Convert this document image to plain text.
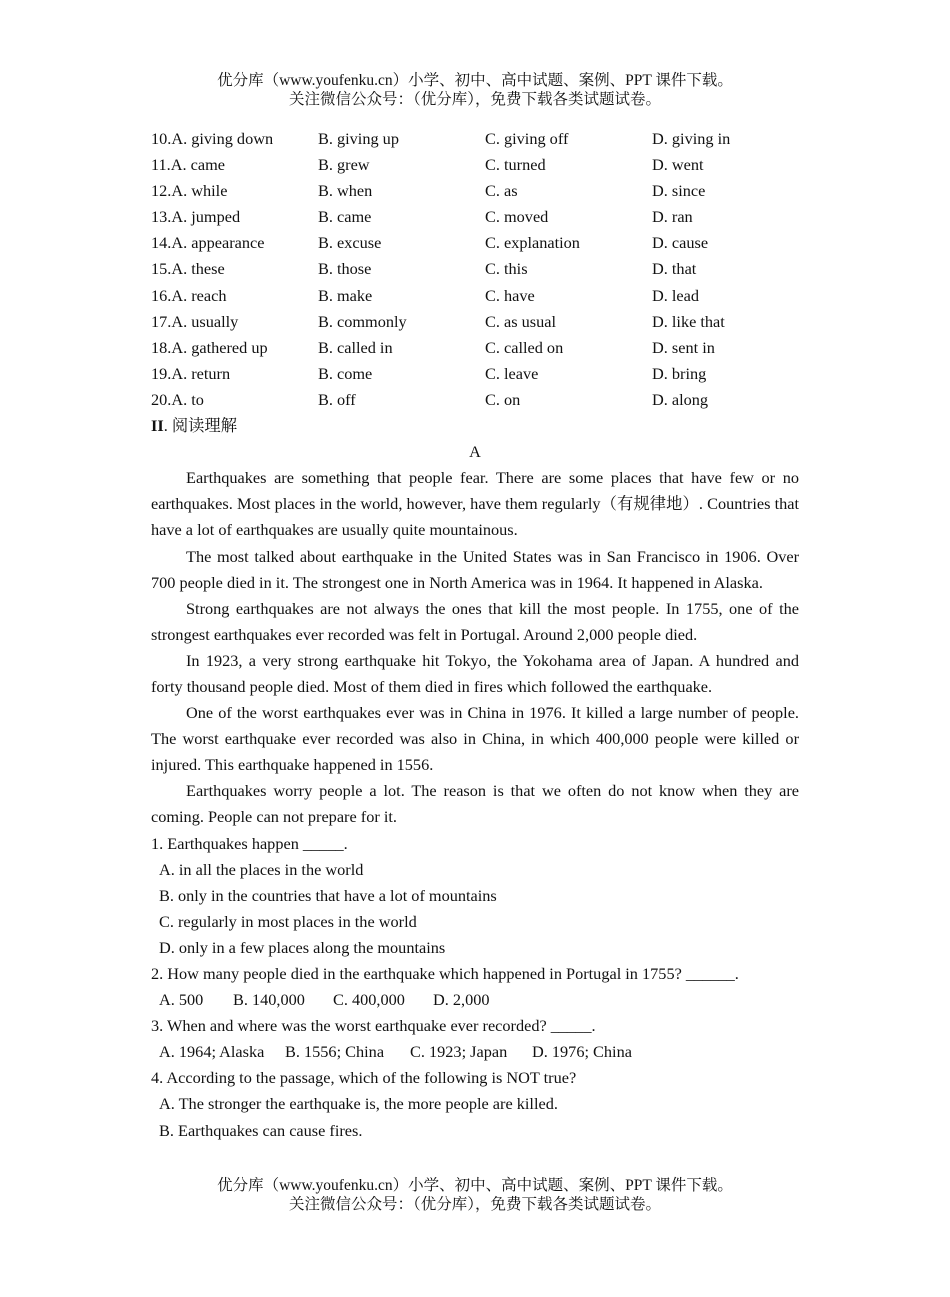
优分库（www.youfenku.cn）小学、初中、高中试题、案例、PPT 课件下载。
关注微信公众号：（优分库），免费下载各类试题试卷。
10.A. giving down	B. giving up	C. giving off	D. giving in
11.A. came	B. grew	C. turned	D. went
12.A. while	B. when	C. as	D. since
13.A. jumped	B. came	C. moved	D. ran
14.A. appearance	B. excuse	C. explanation	D. cause
15.A. these	B. those	C. this	D. that
16.A. reach	B. make	C. have	D. lead
17.A. usually	B. commonly	C. as usual	D. like that
18.A. gathered up	B. called in	C. called on	D. sent in
19.A. return	B. come	C. leave	D. bring
20.A. to	B. off	C. on	D. along
II. 阅读理解
A

Earthquakes are something that people fear. There are some places that have few or no earthquakes. Most places in the world, however, have them regularly（有规律地）. Countries that have a lot of earthquakes are usually quite mountainous.

The most talked about earthquake in the United States was in San Francisco in 1906. Over 700 people died in it. The strongest one in North America was in 1964. It happened in Alaska.

Strong earthquakes are not always the ones that kill the most people. In 1755, one of the strongest earthquakes ever recorded was felt in Portugal. Around 2,000 people died.

In 1923, a very strong earthquake hit Tokyo, the Yokohama area of Japan. A hundred and forty thousand people died. Most of them died in fires which followed the earthquake.

One of the worst earthquakes ever was in China in 1976. It killed a large number of people. The worst earthquake ever recorded was also in China, in which 400,000 people were killed or injured. This earthquake happened in 1556.

Earthquakes worry people a lot. The reason is that we often do not know when they are coming. People can not prepare for it.

1. Earthquakes happen _____.
A. in all the places in the world
B. only in the countries that have a lot of mountains
C. regularly in most places in the world
D. only in a few places along the mountains
2. How many people died in the earthquake which happened in Portugal in 1755? ______.
A. 500 B. 140,000 C. 400,000 D. 2,000
3. When and where was the worst earthquake ever recorded? _____.
A. 1964; Alaska B. 1556; China C. 1923; Japan D. 1976; China
4. According to the passage, which of the following is NOT true?
A. The stronger the earthquake is, the more people are killed.
B. Earthquakes can cause fires.
优分库（www.youfenku.cn）小学、初中、高中试题、案例、PPT 课件下载。
关注微信公众号：（优分库），免费下载各类试题试卷。
